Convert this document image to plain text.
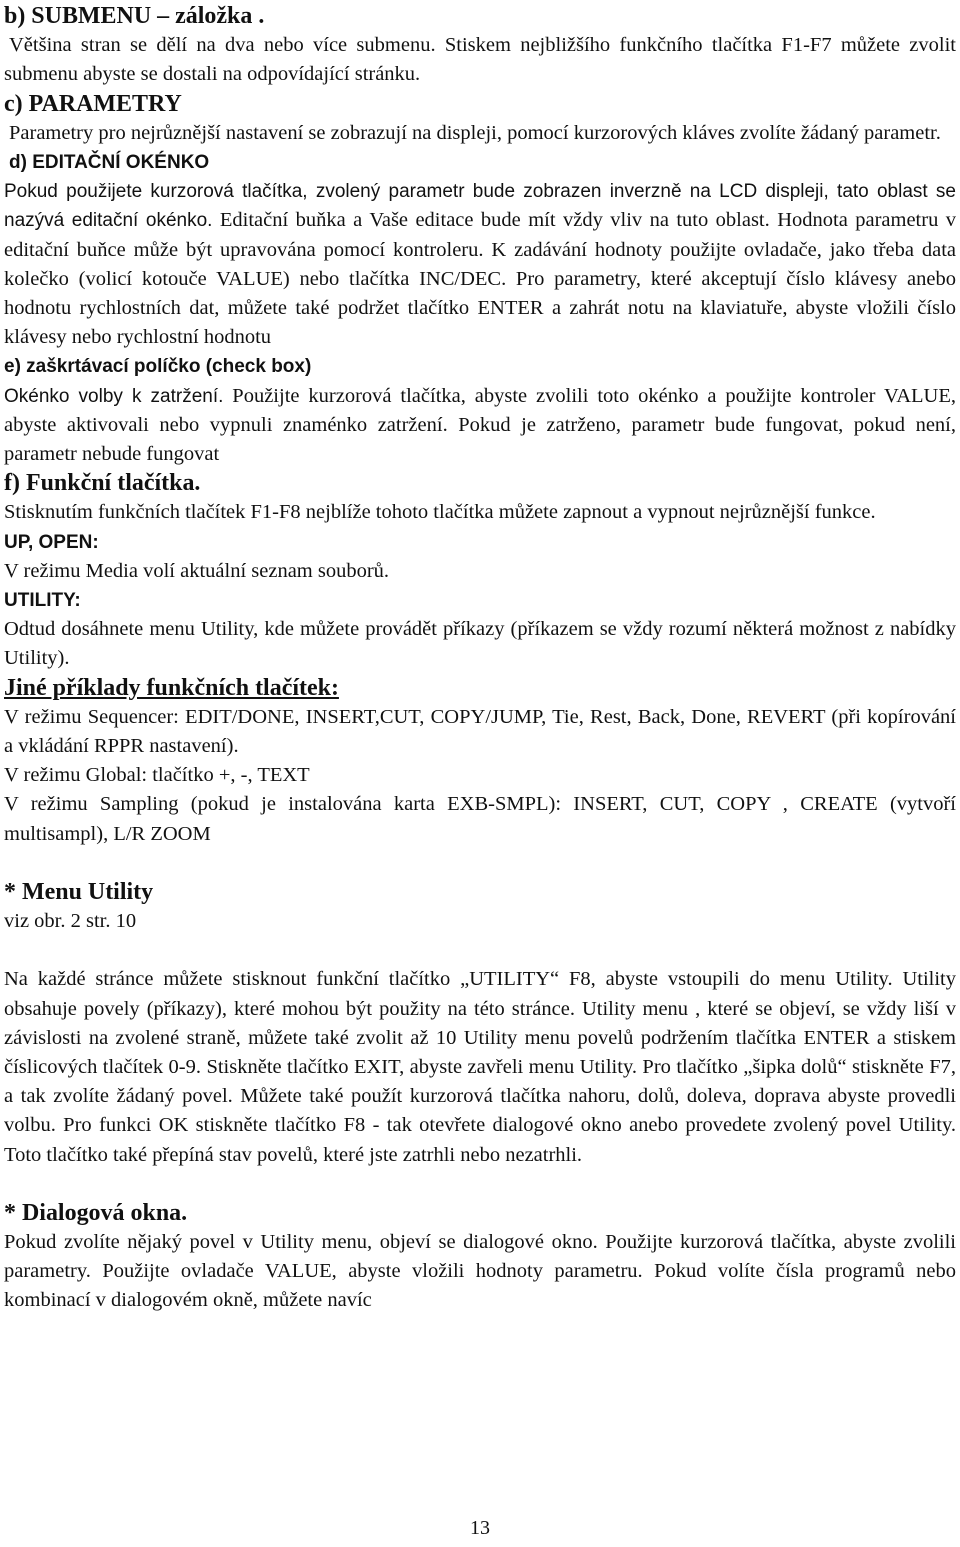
b) SUBMENU – záložka .

Většina stran se dělí na dva nebo více submenu. Stiskem nejbližšího funkčního tlačítka F1-F7 můžete zvolit submenu abyste se dostali na odpovídající stránku.

c) PARAMETRY

Parametry pro nejrůznější nastavení se zobrazují na displeji, pomocí kurzorových kláves zvolíte žádaný parametr.

d) EDITAČNÍ OKÉNKO

Pokud použijete kurzorová tlačítka, zvolený parametr bude zobrazen inverzně na LCD displeji, tato oblast se nazývá editační okénko. Editační buňka a Vaše editace bude mít vždy vliv na tuto oblast. Hodnota parametru v editační buňce může být upravována pomocí kontroleru. K zadávání hodnoty použijte ovladače, jako třeba data kolečko (volicí kotouče VALUE) nebo tlačítka INC/DEC. Pro parametry, které akceptují číslo klávesy anebo hodnotu rychlostních dat, můžete také podržet tlačítko ENTER a zahrát notu na klaviatuře, abyste vložili číslo klávesy nebo rychlostní hodnotu

e) zaškrtávací políčko (check box)

Okénko volby k zatržení. Použijte kurzorová tlačítka, abyste zvolili toto okénko a použijte kontroler VALUE, abyste aktivovali nebo vypnuli znaménko zatržení. Pokud je zatrženo, parametr bude fungovat, pokud není, parametr nebude fungovat

f) Funkční tlačítka.

Stisknutím funkčních tlačítek F1-F8 nejblíže tohoto tlačítka můžete zapnout a vypnout nejrůznější funkce.

UP, OPEN:

V režimu Media volí aktuální seznam souborů.

UTILITY:

Odtud dosáhnete menu Utility, kde můžete provádět příkazy (příkazem se vždy rozumí některá možnost z nabídky Utility).

Jiné příklady funkčních tlačítek:

V režimu Sequencer: EDIT/DONE, INSERT,CUT, COPY/JUMP, Tie, Rest, Back, Done, REVERT (při kopírování a vkládání RPPR nastavení).

V režimu Global: tlačítko +, -, TEXT

V režimu Sampling (pokud je instalována karta EXB-SMPL): INSERT, CUT, COPY , CREATE (vytvoří multisampl), L/R ZOOM

* Menu Utility

viz obr. 2 str. 10

Na každé stránce můžete stisknout funkční tlačítko „UTILITY“ F8, abyste vstoupili do menu Utility. Utility obsahuje povely (příkazy), které mohou být použity na této stránce. Utility menu , které se objeví, se vždy liší v závislosti na zvolené straně, můžete také zvolit až 10 Utility menu povelů podržením tlačítka ENTER a stiskem číslicových tlačítek 0-9. Stiskněte tlačítko EXIT, abyste zavřeli menu Utility. Pro tlačítko „šipka dolů“ stiskněte F7, a tak zvolíte žádaný povel. Můžete také použít kurzorová tlačítka nahoru, dolů, doleva, doprava abyste provedli volbu. Pro funkci OK stiskněte tlačítko F8 - tak otevřete dialogové okno anebo provedete zvolený povel Utility. Toto tlačítko také přepíná stav povelů, které jste zatrhli nebo nezatrhli.

* Dialogová okna.

Pokud zvolíte nějaký povel v Utility menu, objeví se dialogové okno. Použijte kurzorová tlačítka, abyste zvolili parametry. Použijte ovladače VALUE, abyste vložili hodnoty parametru. Pokud volíte čísla programů nebo kombinací v dialogovém okně, můžete navíc

13
